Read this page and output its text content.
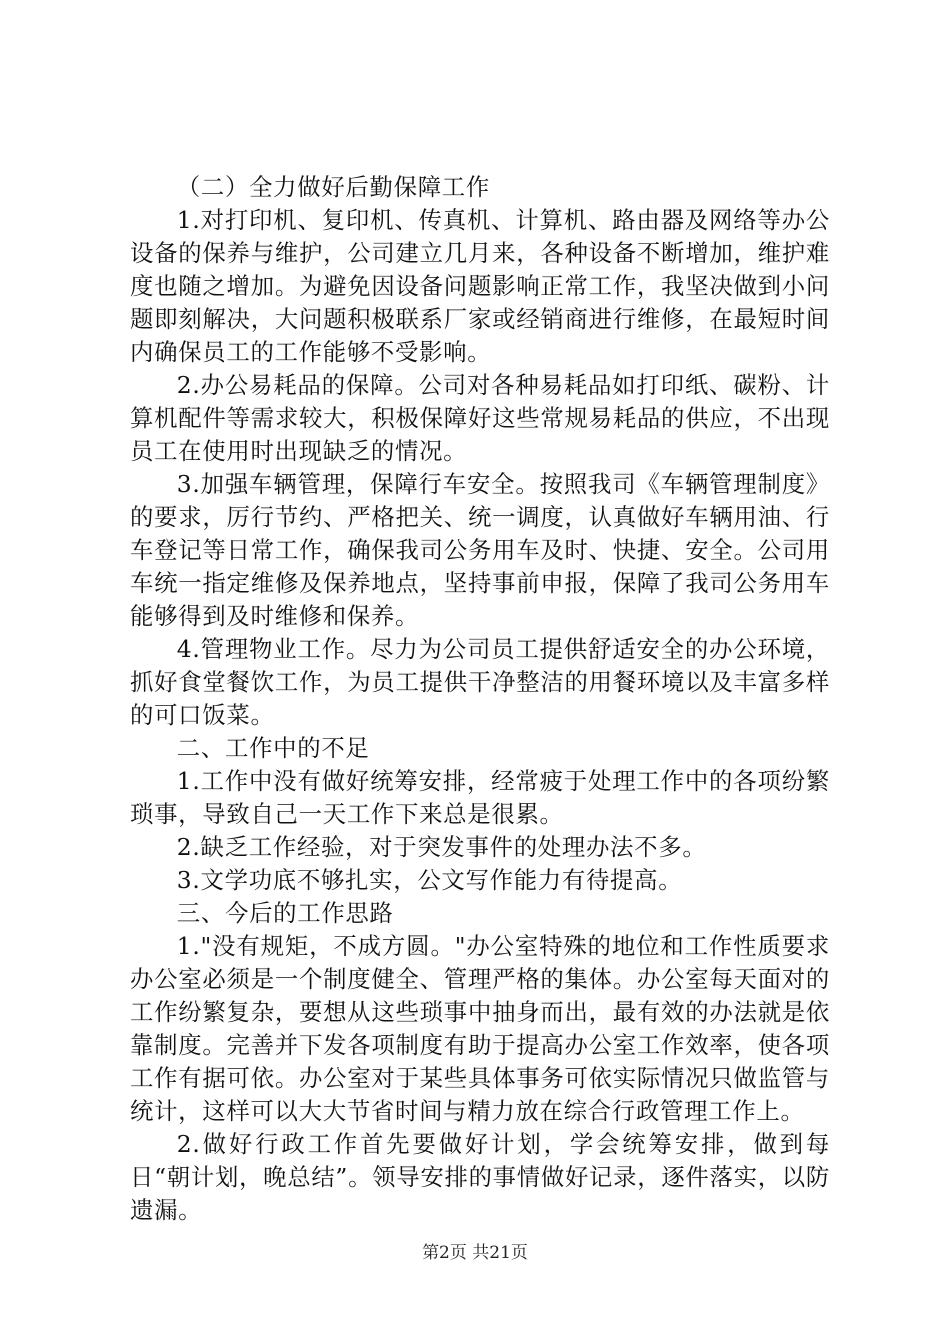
（二）全力做好后勤保障工作

1.对打印机、复印机、传真机、计算机、路由器及网络等办公设备的保养与维护，公司建立几月来，各种设备不断增加，维护难度也随之增加。为避免因设备问题影响正常工作，我坚决做到小问题即刻解决，大问题积极联系厂家或经销商进行维修，在最短时间内确保员工的工作能够不受影响。

2.办公易耗品的保障。公司对各种易耗品如打印纸、碳粉、计算机配件等需求较大，积极保障好这些常规易耗品的供应，不出现员工在使用时出现缺乏的情况。

3.加强车辆管理，保障行车安全。按照我司《车辆管理制度》的要求，厉行节约、严格把关、统一调度，认真做好车辆用油、行车登记等日常工作，确保我司公务用车及时、快捷、安全。公司用车统一指定维修及保养地点，坚持事前申报，保障了我司公务用车能够得到及时维修和保养。

4.管理物业工作。尽力为公司员工提供舒适安全的办公环境，抓好食堂餐饮工作，为员工提供干净整洁的用餐环境以及丰富多样的可口饭菜。

二、工作中的不足

1.工作中没有做好统筹安排，经常疲于处理工作中的各项纷繁琐事，导致自己一天工作下来总是很累。

2.缺乏工作经验，对于突发事件的处理办法不多。

3.文学功底不够扎实，公文写作能力有待提高。

三、今后的工作思路

1."没有规矩，不成方圆。"办公室特殊的地位和工作性质要求办公室必须是一个制度健全、管理严格的集体。办公室每天面对的工作纷繁复杂，要想从这些琐事中抽身而出，最有效的办法就是依靠制度。完善并下发各项制度有助于提高办公室工作效率，使各项工作有据可依。办公室对于某些具体事务可依实际情况只做监管与统计，这样可以大大节省时间与精力放在综合行政管理工作上。

2.做好行政工作首先要做好计划，学会统筹安排，做到每日“朝计划，晚总结”。领导安排的事情做好记录，逐件落实，以防遗漏。

第2页 共21页
